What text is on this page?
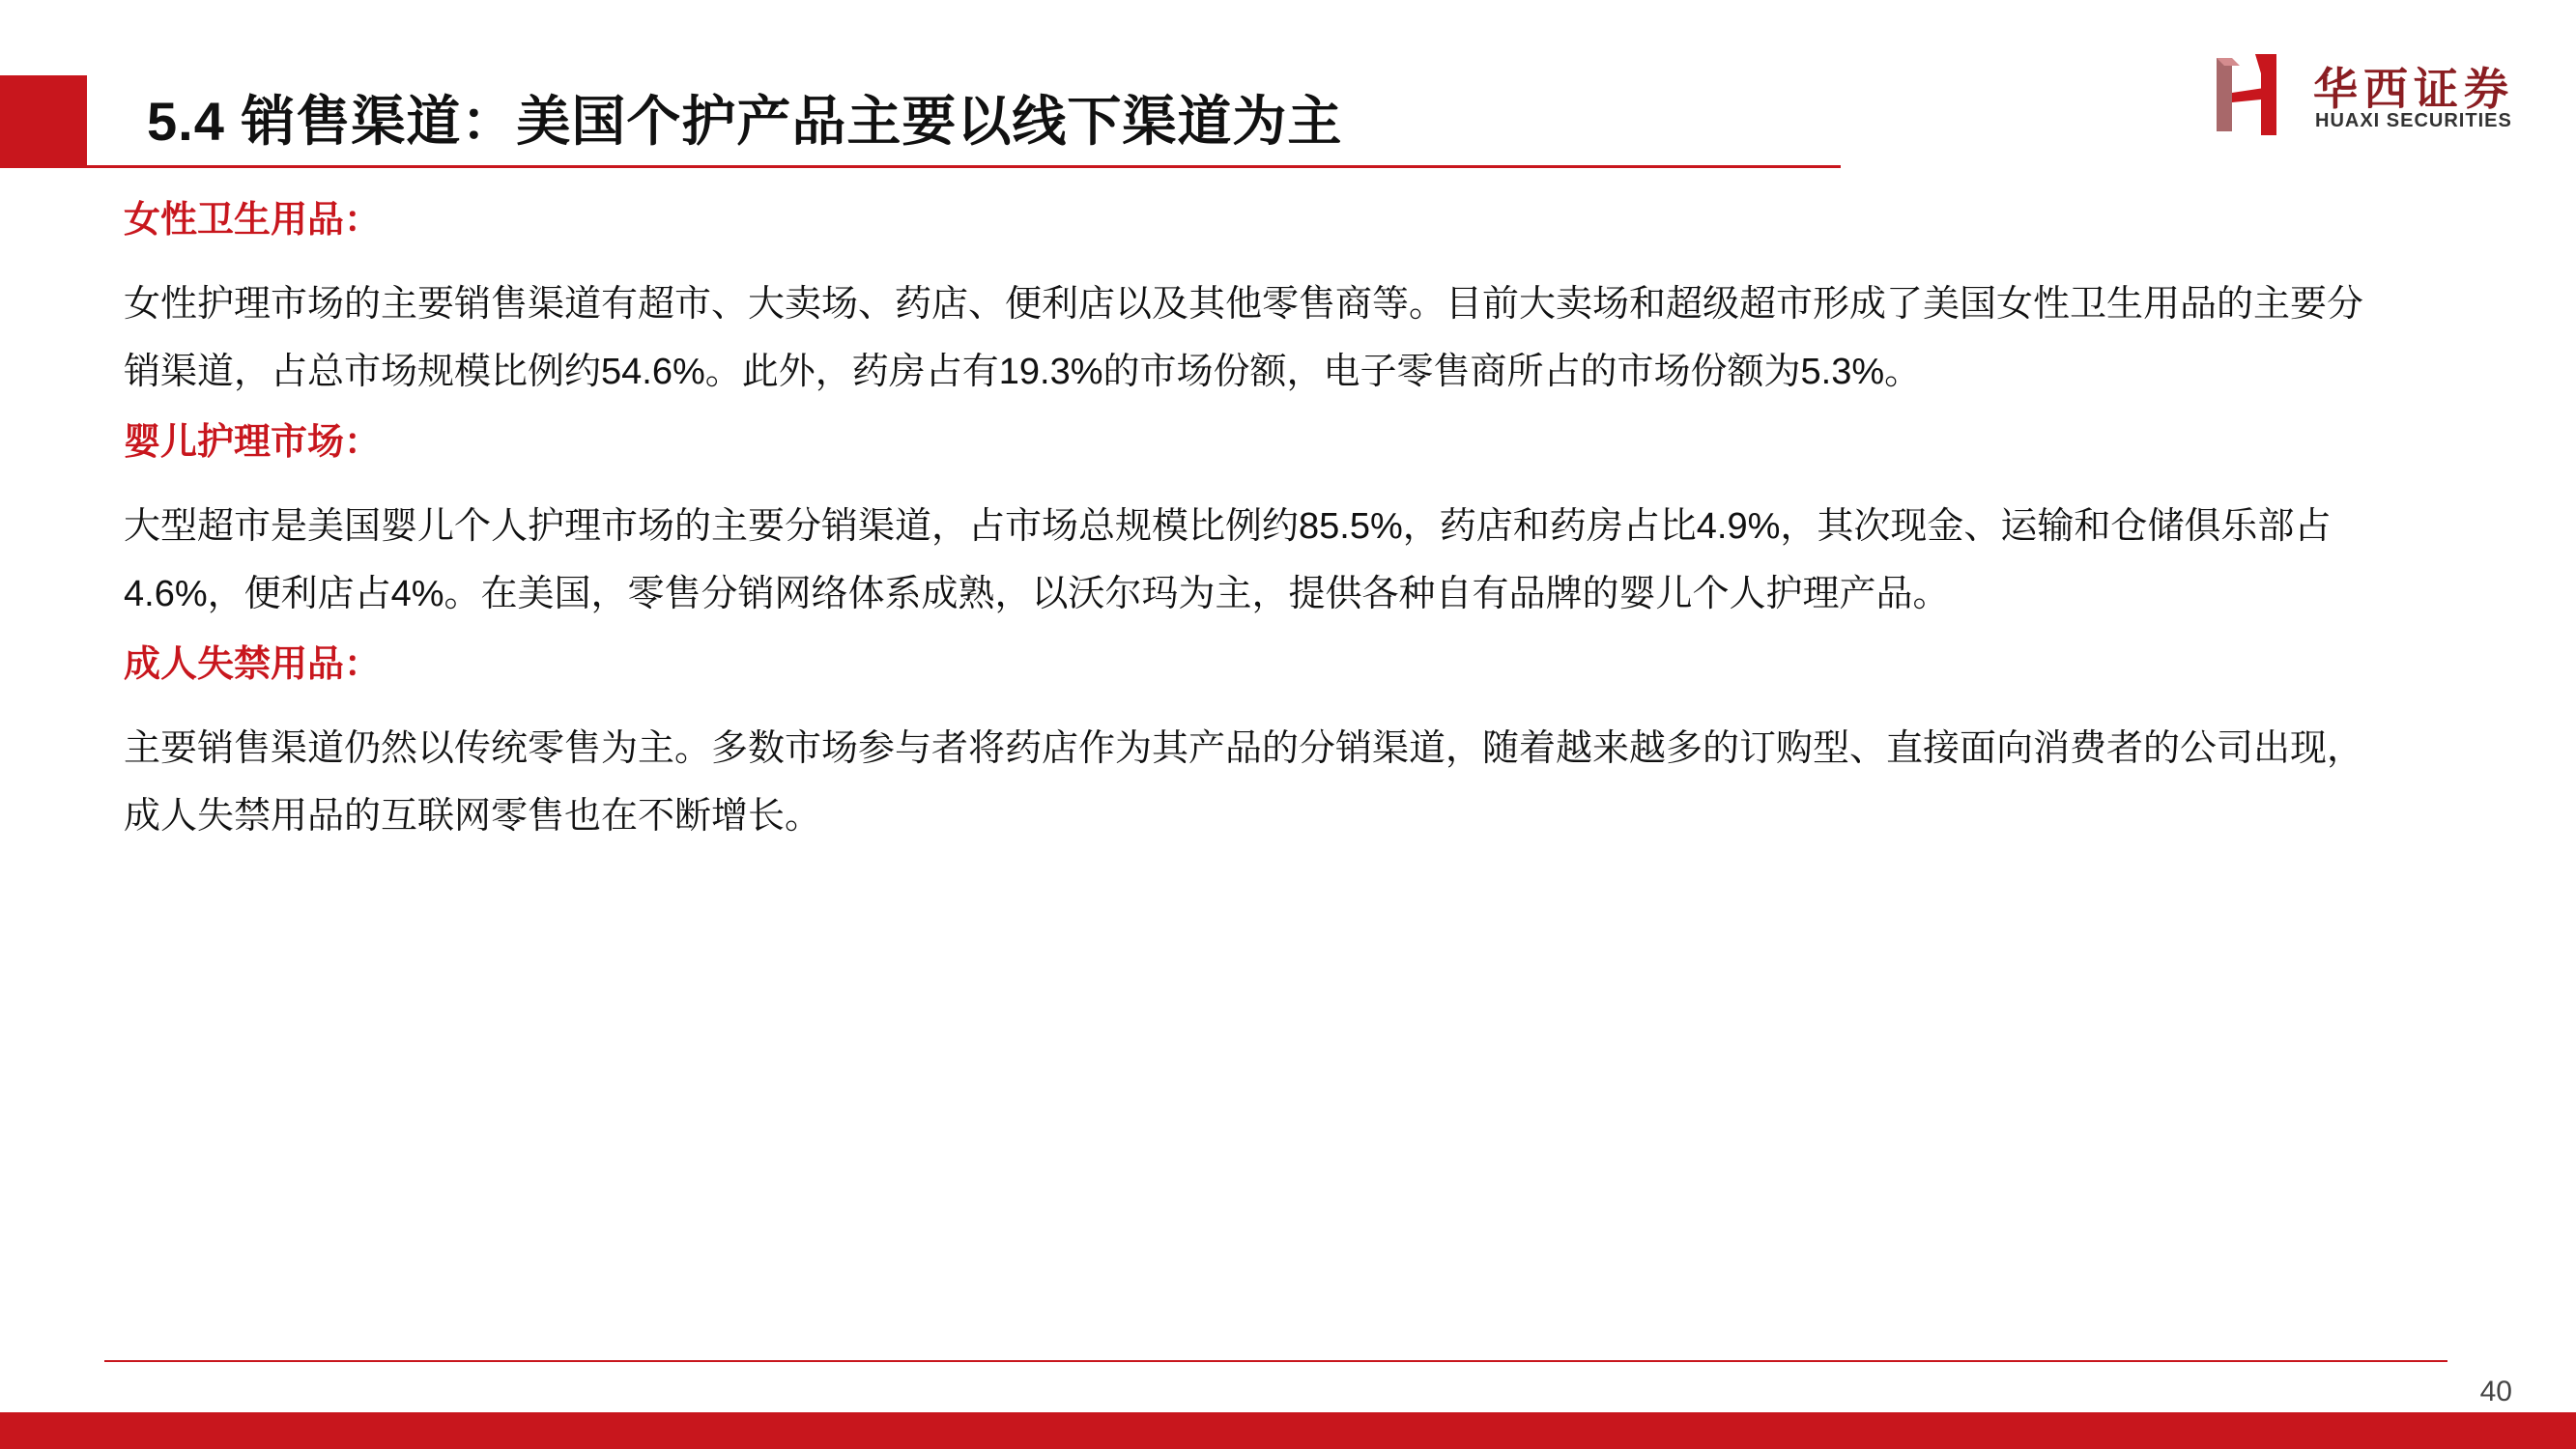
5.4 销售渠道：美国个护产品主要以线下渠道为主
华西证券
HUAXI SECURITIES
女性卫生用品：

女性护理市场的主要销售渠道有超市、大卖场、药店、便利店以及其他零售商等。目前大卖场和超级超市形成了美国女性卫生用品的主要分销渠道，占总市场规模比例约54.6%。此外，药房占有19.3%的市场份额，电子零售商所占的市场份额为5.3%。

婴儿护理市场：

大型超市是美国婴儿个人护理市场的主要分销渠道，占市场总规模比例约85.5%，药店和药房占比4.9%，其次现金、运输和仓储俱乐部占4.6%，便利店占4%。在美国，零售分销网络体系成熟，以沃尔玛为主，提供各种自有品牌的婴儿个人护理产品。

成人失禁用品：

主要销售渠道仍然以传统零售为主。多数市场参与者将药店作为其产品的分销渠道，随着越来越多的订购型、直接面向消费者的公司出现，成人失禁用品的互联网零售也在不断增长。

40
